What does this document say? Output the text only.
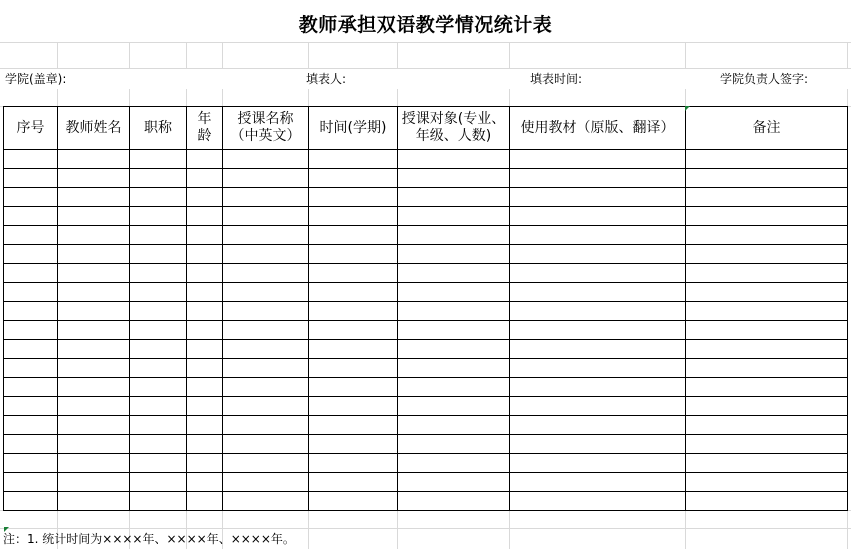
教师承担双语教学情况统计表
学院(盖章):	填表人:	填表时间:	学院负责人签字:
序号	教师姓名	职称	年龄	授课名称（中英文）	时间(学期)	授课对象(专业、年级、人数)	使用教材（原版、翻译）	备注

注：1. 统计时间为××××年、××××年、××××年。
